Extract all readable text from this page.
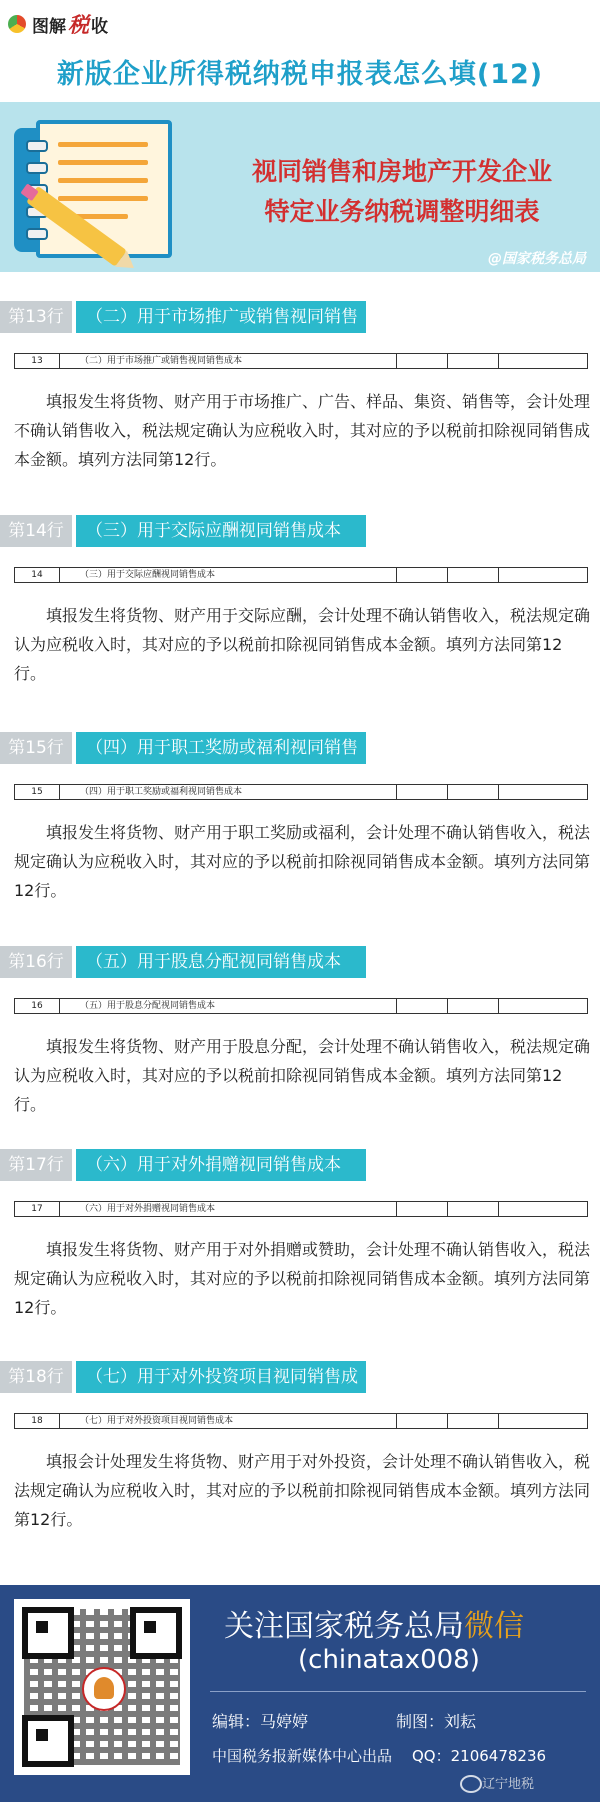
图解 税 收
新版企业所得税纳税申报表怎么填(12)
视同销售和房地产开发企业
特定业务纳税调整明细表
@国家税务总局
第13行	（二）用于市场推广或销售视同销售成本
13	（二）用于市场推广或销售视同销售成本
填报发生将货物、财产用于市场推广、广告、样品、集资、销售等，会计处理不确认销售收入，税法规定确认为应税收入时，其对应的予以税前扣除视同销售成本金额。填列方法同第12行。
第14行	（三）用于交际应酬视同销售成本
14	（三）用于交际应酬视同销售成本
填报发生将货物、财产用于交际应酬，会计处理不确认销售收入，税法规定确认为应税收入时，其对应的予以税前扣除视同销售成本金额。填列方法同第12行。
第15行	（四）用于职工奖励或福利视同销售成本
15	（四）用于职工奖励或福利视同销售成本
填报发生将货物、财产用于职工奖励或福利，会计处理不确认销售收入，税法规定确认为应税收入时，其对应的予以税前扣除视同销售成本金额。填列方法同第12行。
第16行	（五）用于股息分配视同销售成本
16	（五）用于股息分配视同销售成本
填报发生将货物、财产用于股息分配，会计处理不确认销售收入，税法规定确认为应税收入时，其对应的予以税前扣除视同销售成本金额。填列方法同第12行。
第17行	（六）用于对外捐赠视同销售成本
17	（六）用于对外捐赠视同销售成本
填报发生将货物、财产用于对外捐赠或赞助，会计处理不确认销售收入，税法规定确认为应税收入时，其对应的予以税前扣除视同销售成本金额。填列方法同第12行。
第18行	（七）用于对外投资项目视同销售成本
18	（七）用于对外投资项目视同销售成本
填报会计处理发生将货物、财产用于对外投资，会计处理不确认销售收入，税法规定确认为应税收入时，其对应的予以税前扣除视同销售成本金额。填列方法同第12行。
关注国家税务总局微信
(chinatax008)
编辑：马婷婷	制图：刘耘
中国税务报新媒体中心出品 QQ：2106478236
辽宁地税
